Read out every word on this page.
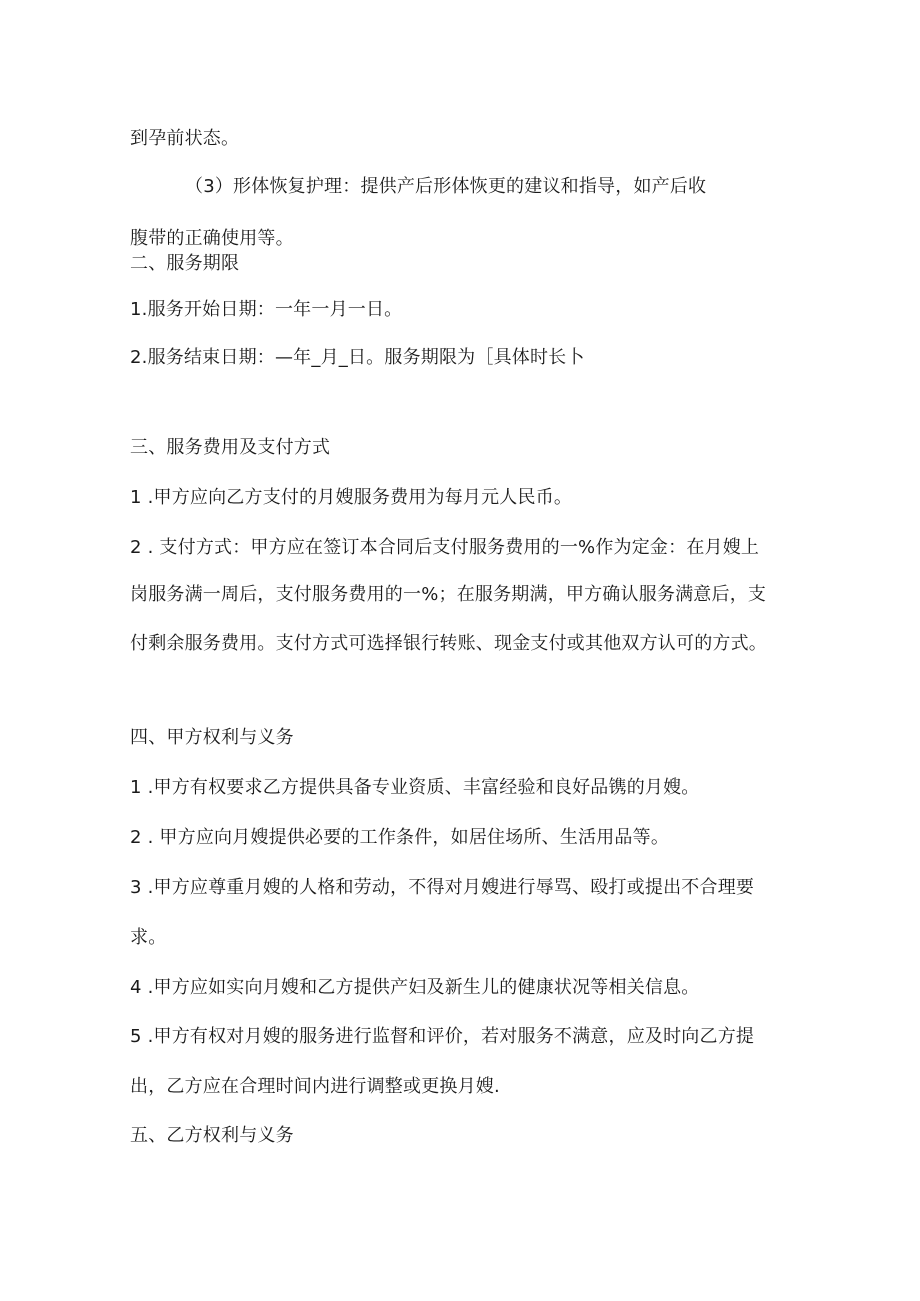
到孕前状态。
（3）形体恢复护理：提供产后形体恢更的建议和指导，如产后收
腹带的正确使用等。
二、服务期限
1.服务开始日期：一年一月一日。
2.服务结束日期：—年_月_日。服务期限为［具体时长卜
三、服务费用及支付方式
1 .甲方应向乙方支付的月嫂服务费用为每月元人民币。
2 . 支付方式：甲方应在签订本合同后支付服务费用的一%作为定金：在月嫂上
岗服务满一周后，支付服务费用的一%；在服务期满，甲方确认服务满意后，支
付剩余服务费用。支付方式可选择银行转账、现金支付或其他双方认可的方式。
四、甲方权利与义务
1 .甲方有权要求乙方提供具备专业资质、丰富经验和良好品镌的月嫂。
2 . 甲方应向月嫂提供必要的工作条件，如居住场所、生活用品等。
3 .甲方应尊重月嫂的人格和劳动，不得对月嫂进行辱骂、殴打或提出不合理要
求。
4 .甲方应如实向月嫂和乙方提供产妇及新生儿的健康状况等相关信息。
5 .甲方有权对月嫂的服务进行监督和评价，若对服务不满意，应及时向乙方提
出，乙方应在合理时间内进行调整或更换月嫂.
五、乙方权利与义务
